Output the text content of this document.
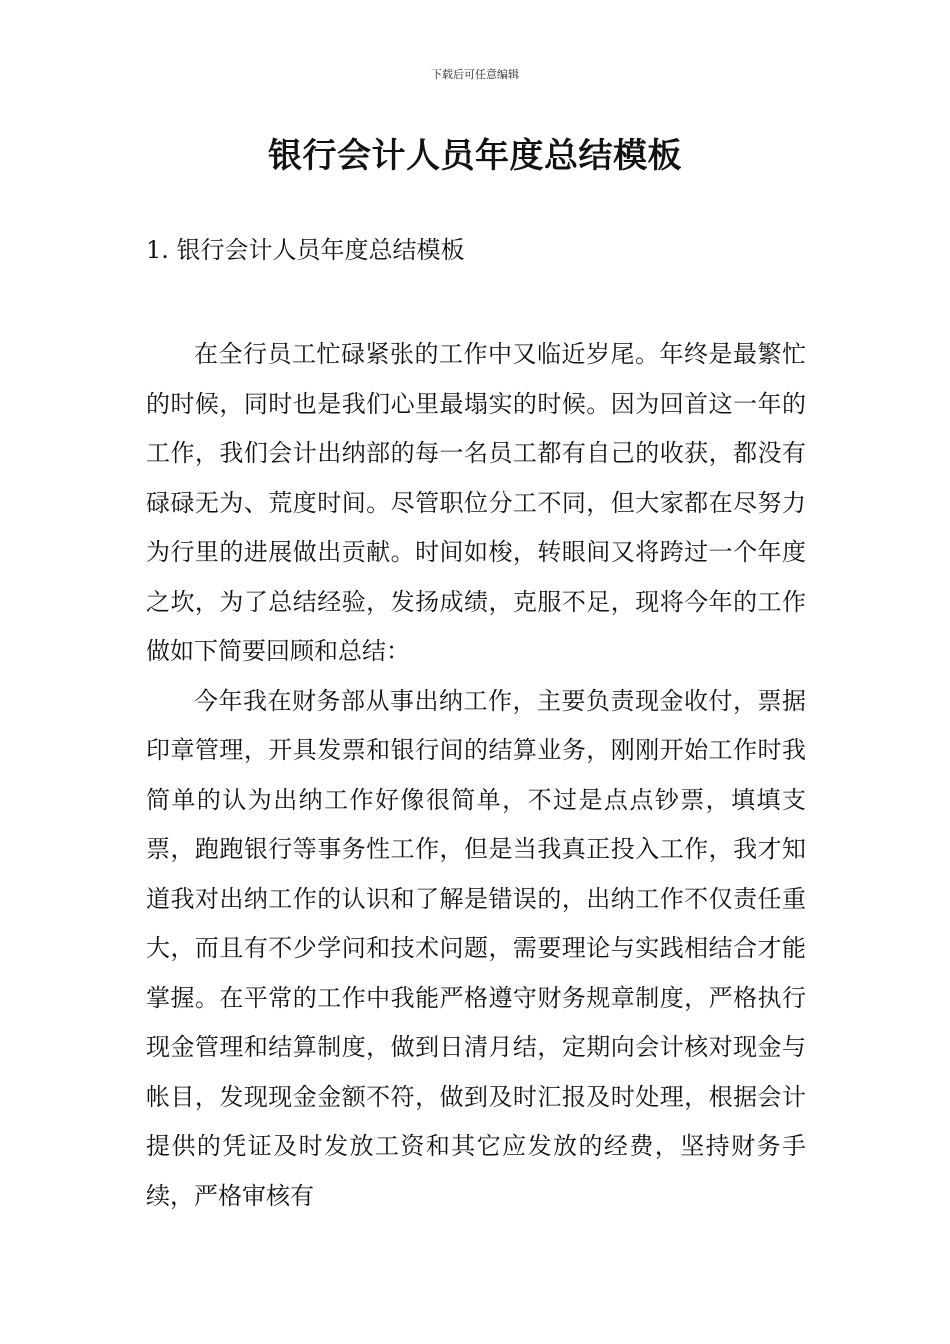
下载后可任意编辑
银行会计人员年度总结模板
1. 银行会计人员年度总结模板

在全行员工忙碌紧张的工作中又临近岁尾。年终是最繁忙的时候，同时也是我们心里最塌实的时候。因为回首这一年的工作，我们会计出纳部的每一名员工都有自己的收获，都没有碌碌无为、荒度时间。尽管职位分工不同，但大家都在尽努力为行里的进展做出贡献。时间如梭，转眼间又将跨过一个年度之坎，为了总结经验，发扬成绩，克服不足，现将今年的工作做如下简要回顾和总结：

今年我在财务部从事出纳工作，主要负责现金收付，票据印章管理，开具发票和银行间的结算业务，刚刚开始工作时我简单的认为出纳工作好像很简单，不过是点点钞票，填填支票，跑跑银行等事务性工作，但是当我真正投入工作，我才知道我对出纳工作的认识和了解是错误的，出纳工作不仅责任重大，而且有不少学问和技术问题，需要理论与实践相结合才能掌握。在平常的工作中我能严格遵守财务规章制度，严格执行现金管理和结算制度，做到日清月结，定期向会计核对现金与帐目，发现现金金额不符，做到及时汇报及时处理，根据会计提供的凭证及时发放工资和其它应发放的经费，坚持财务手续，严格审核有
